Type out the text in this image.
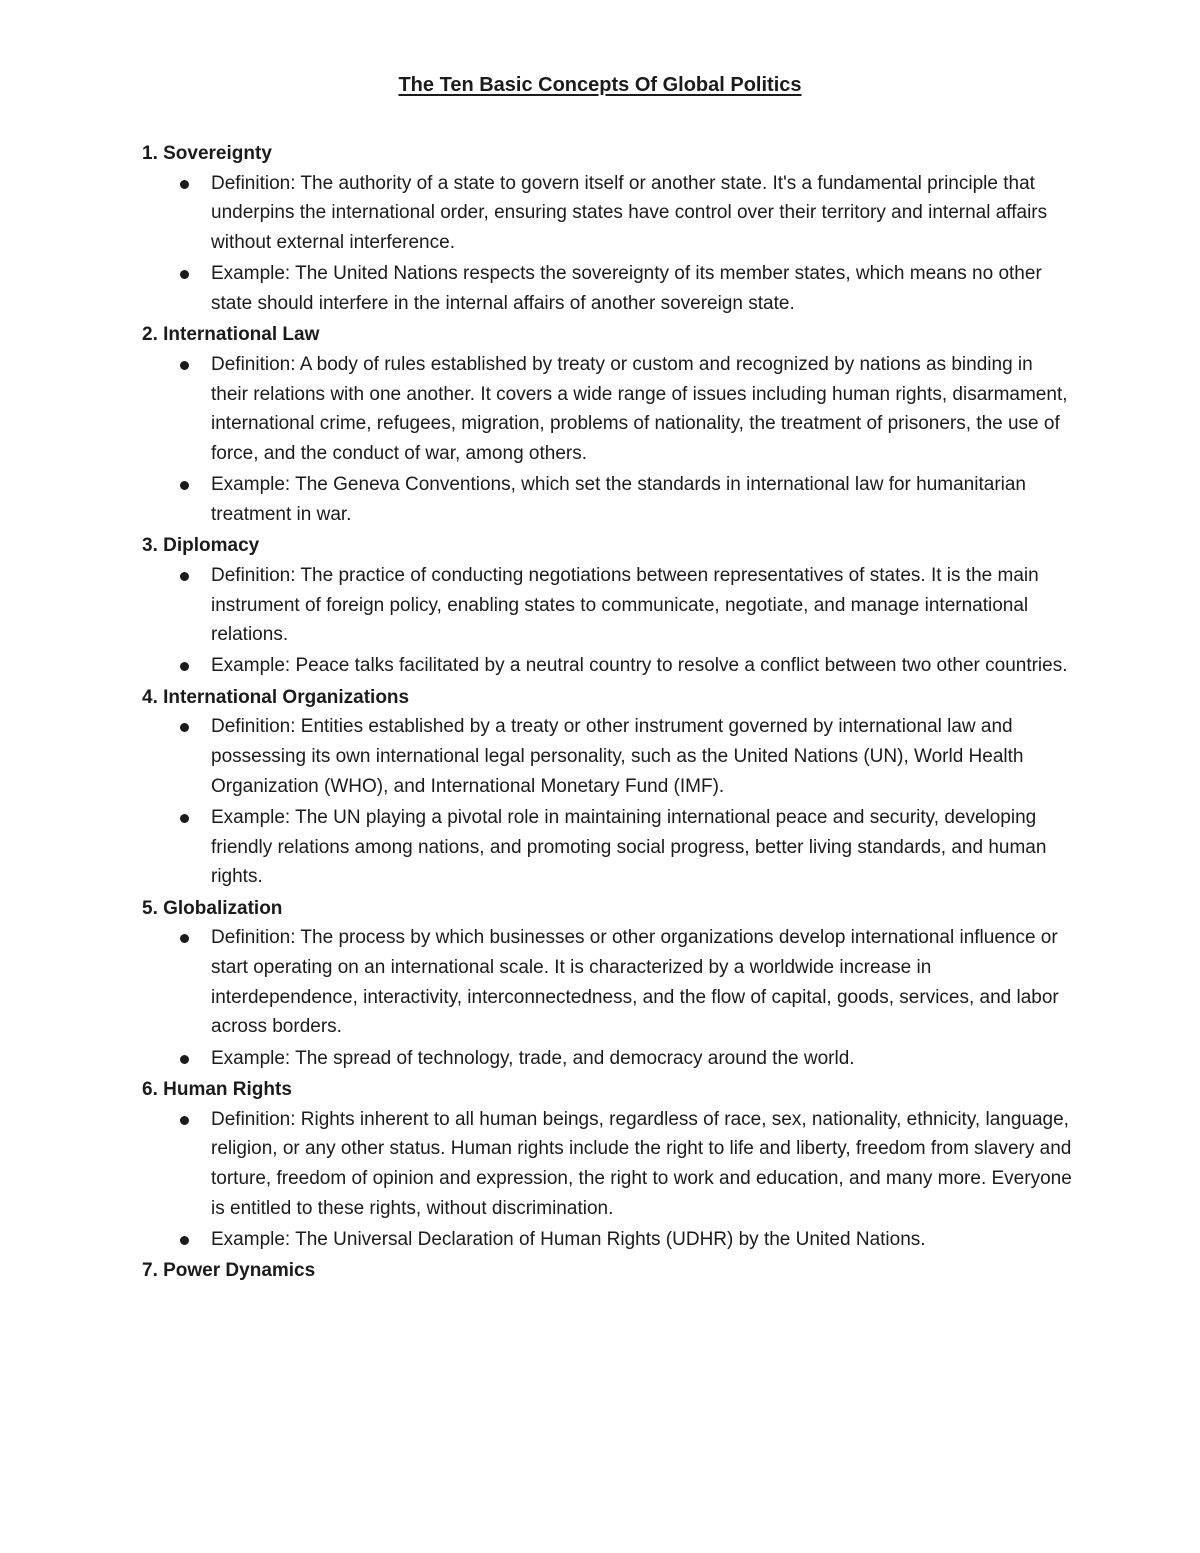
The Ten Basic Concepts Of Global Politics
1. Sovereignty
Definition: The authority of a state to govern itself or another state. It's a fundamental principle that underpins the international order, ensuring states have control over their territory and internal affairs without external interference.
Example: The United Nations respects the sovereignty of its member states, which means no other state should interfere in the internal affairs of another sovereign state.
2. International Law
Definition: A body of rules established by treaty or custom and recognized by nations as binding in their relations with one another. It covers a wide range of issues including human rights, disarmament, international crime, refugees, migration, problems of nationality, the treatment of prisoners, the use of force, and the conduct of war, among others.
Example: The Geneva Conventions, which set the standards in international law for humanitarian treatment in war.
3. Diplomacy
Definition: The practice of conducting negotiations between representatives of states. It is the main instrument of foreign policy, enabling states to communicate, negotiate, and manage international relations.
Example: Peace talks facilitated by a neutral country to resolve a conflict between two other countries.
4. International Organizations
Definition: Entities established by a treaty or other instrument governed by international law and possessing its own international legal personality, such as the United Nations (UN), World Health Organization (WHO), and International Monetary Fund (IMF).
Example: The UN playing a pivotal role in maintaining international peace and security, developing friendly relations among nations, and promoting social progress, better living standards, and human rights.
5. Globalization
Definition: The process by which businesses or other organizations develop international influence or start operating on an international scale. It is characterized by a worldwide increase in interdependence, interactivity, interconnectedness, and the flow of capital, goods, services, and labor across borders.
Example: The spread of technology, trade, and democracy around the world.
6. Human Rights
Definition: Rights inherent to all human beings, regardless of race, sex, nationality, ethnicity, language, religion, or any other status. Human rights include the right to life and liberty, freedom from slavery and torture, freedom of opinion and expression, the right to work and education, and many more. Everyone is entitled to these rights, without discrimination.
Example: The Universal Declaration of Human Rights (UDHR) by the United Nations.
7. Power Dynamics
